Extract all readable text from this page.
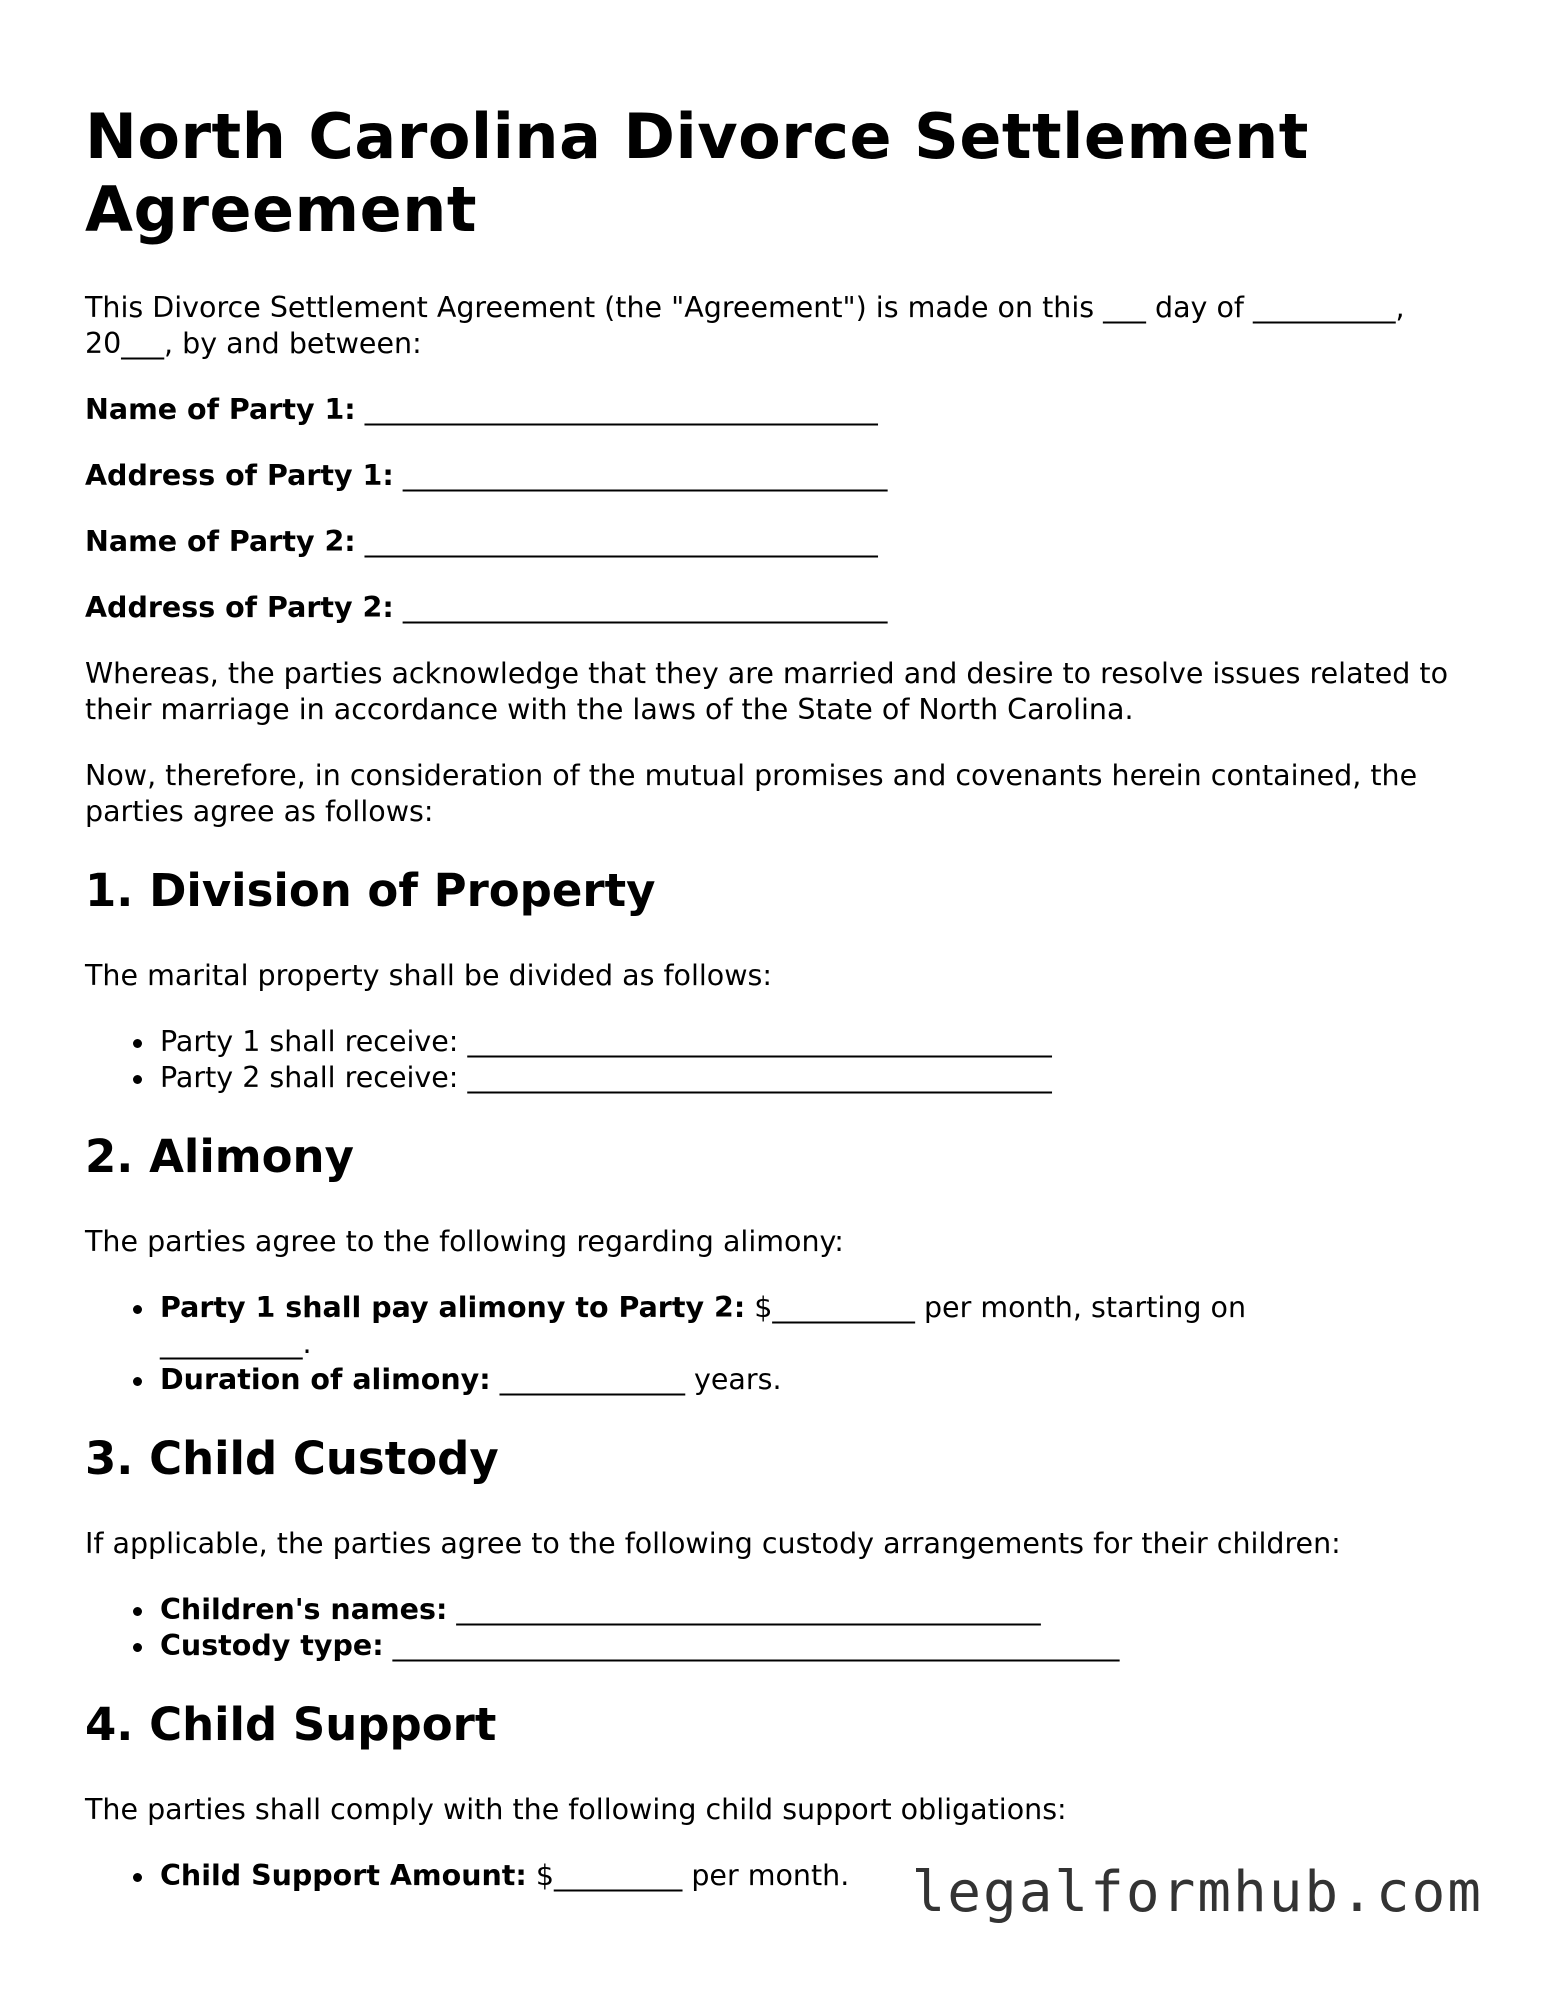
North Carolina Divorce Settlement Agreement

This Divorce Settlement Agreement (the "Agreement") is made on this ___ day of __________, 20___, by and between:

Name of Party 1: ____________________________________
Address of Party 1: __________________________________
Name of Party 2: ____________________________________
Address of Party 2: __________________________________

Whereas, the parties acknowledge that they are married and desire to resolve issues related to their marriage in accordance with the laws of the State of North Carolina.

Now, therefore, in consideration of the mutual promises and covenants herein contained, the parties agree as follows:

1. Division of Property

The marital property shall be divided as follows:

Party 1 shall receive: _________________________________________
Party 2 shall receive: _________________________________________
2. Alimony

The parties agree to the following regarding alimony:

Party 1 shall pay alimony to Party 2: $__________ per month, starting on __________.
Duration of alimony: _____________ years.
3. Child Custody

If applicable, the parties agree to the following custody arrangements for their children:

Children's names: _________________________________________
Custody type: ___________________________________________________
4. Child Support

The parties shall comply with the following child support obligations:

Child Support Amount: $_________ per month.	legalformhub.com
